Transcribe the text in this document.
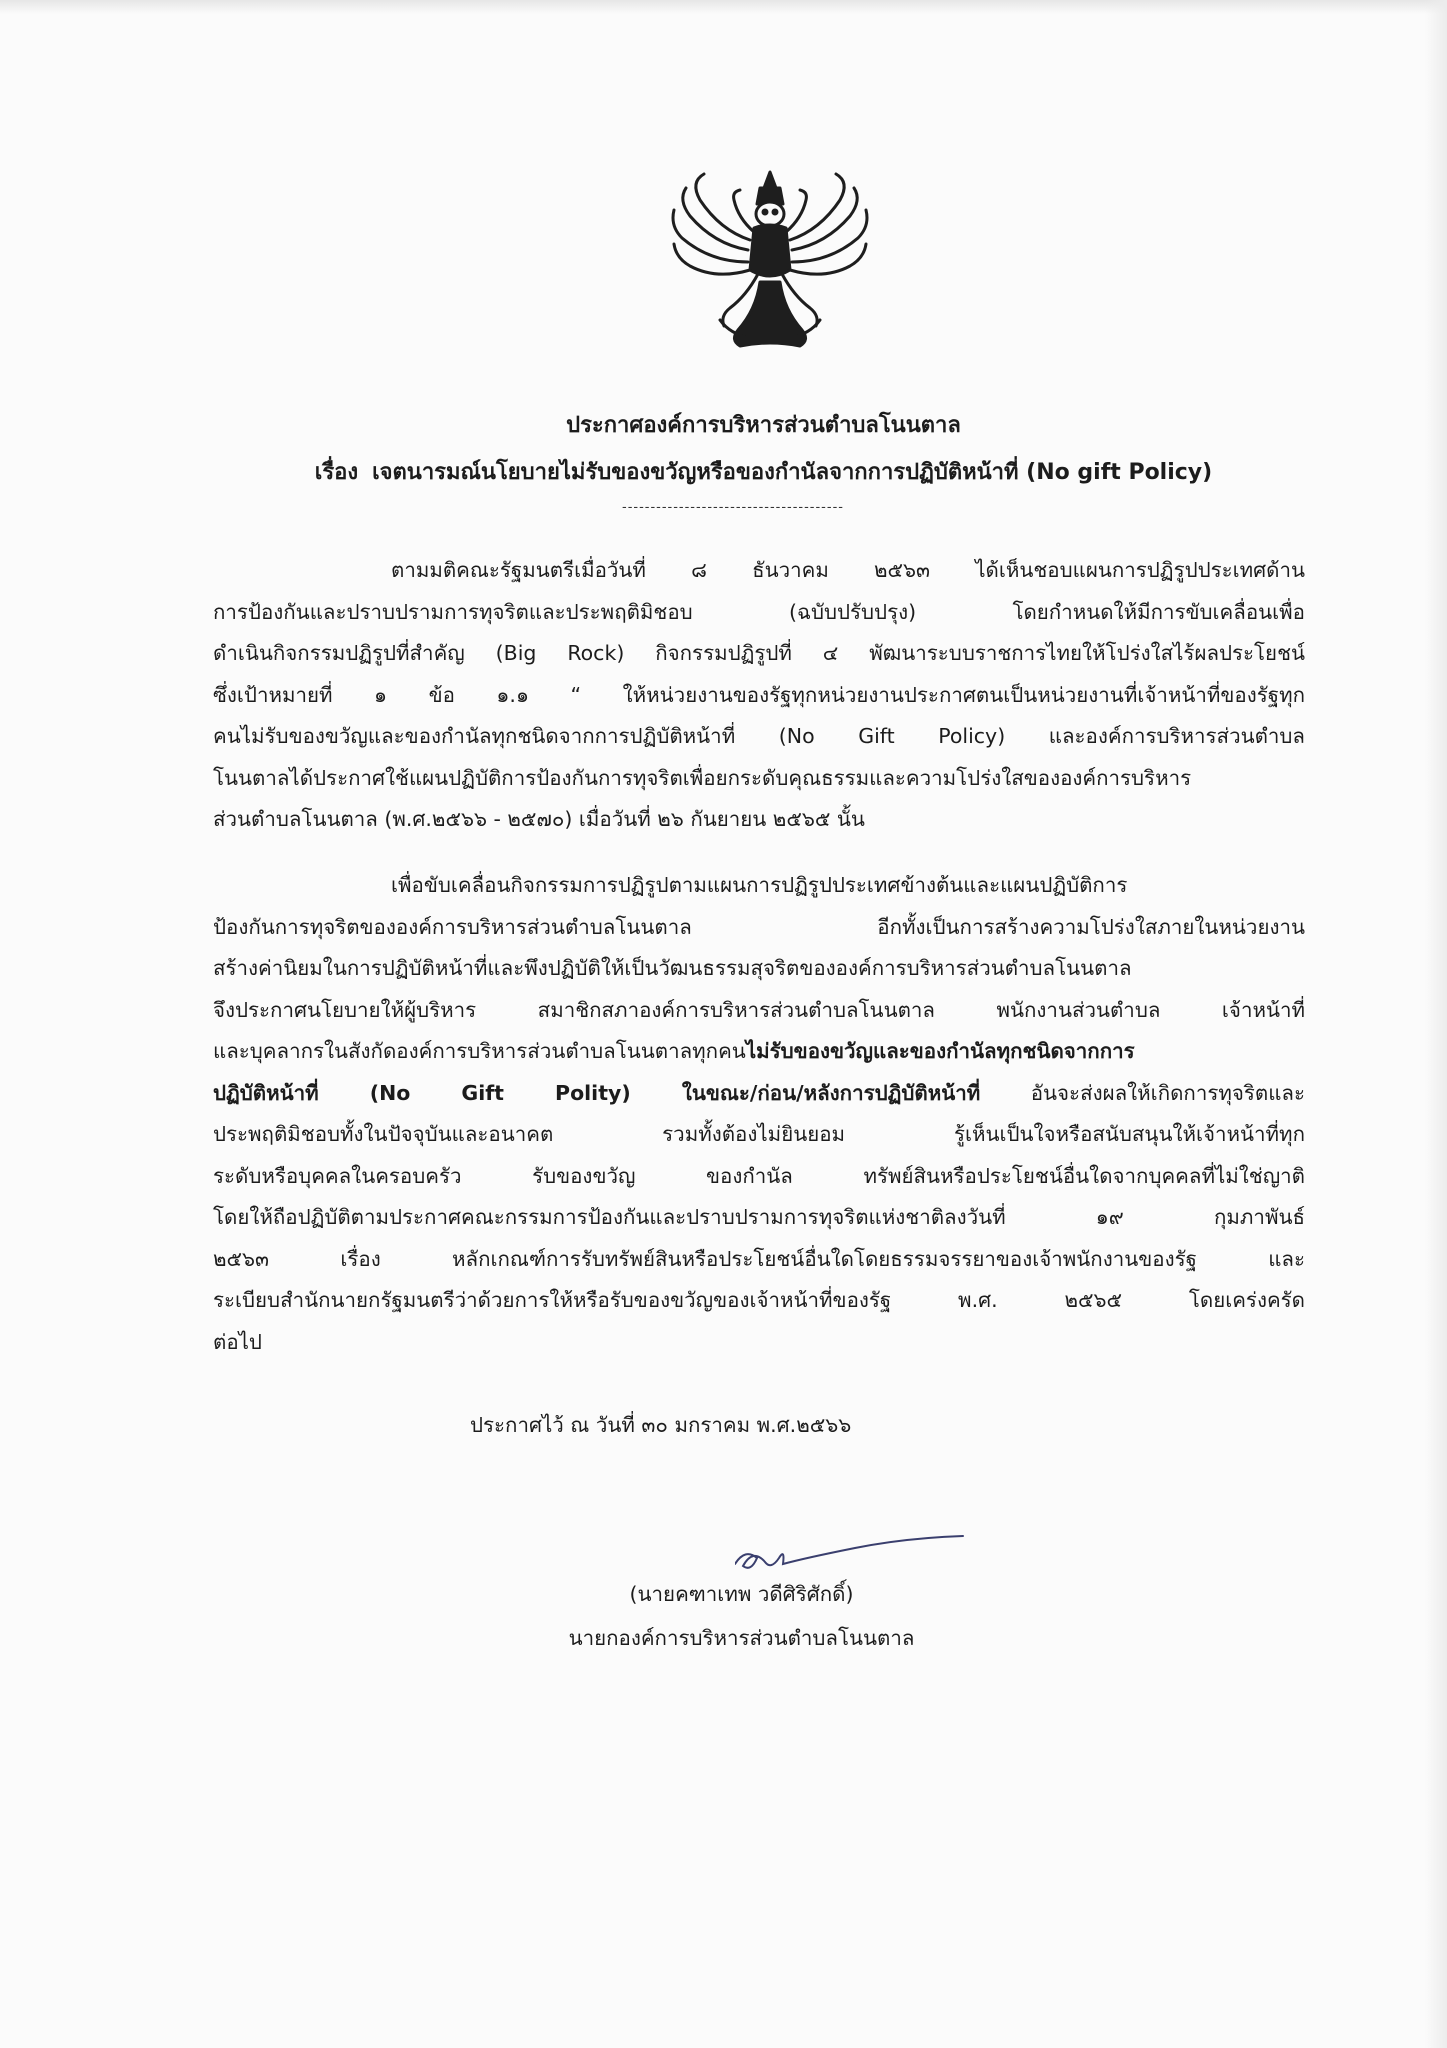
ประกาศองค์การบริหารส่วนตำบลโนนตาล
เรื่อง เจตนารมณ์นโยบายไม่รับของขวัญหรือของกำนัลจากการปฏิบัติหน้าที่ (No gift Policy)
---------------------------------------
ตามมติคณะรัฐมนตรีเมื่อวันที่ ๘ ธันวาคม ๒๕๖๓ ได้เห็นชอบแผนการปฏิรูปประเทศด้าน
การป้องกันและปราบปรามการทุจริตและประพฤติมิชอบ (ฉบับปรับปรุง) โดยกำหนดให้มีการขับเคลื่อนเพื่อ
ดำเนินกิจกรรมปฏิรูปที่สำคัญ (Big Rock) กิจกรรมปฏิรูปที่ ๔ พัฒนาระบบราชการไทยให้โปร่งใสไร้ผลประโยชน์
ซึ่งเป้าหมายที่ ๑ ข้อ ๑.๑ “ ให้หน่วยงานของรัฐทุกหน่วยงานประกาศตนเป็นหน่วยงานที่เจ้าหน้าที่ของรัฐทุก
คนไม่รับของขวัญและของกำนัลทุกชนิดจากการปฏิบัติหน้าที่ (No Gift Policy) และองค์การบริหารส่วนตำบล
โนนตาลได้ประกาศใช้แผนปฏิบัติการป้องกันการทุจริตเพื่อยกระดับคุณธรรมและความโปร่งใสขององค์การบริหาร
ส่วนตำบลโนนตาล (พ.ศ.๒๕๖๖ - ๒๕๗๐) เมื่อวันที่ ๒๖ กันยายน ๒๕๖๕ นั้น
เพื่อขับเคลื่อนกิจกรรมการปฏิรูปตามแผนการปฏิรูปประเทศข้างต้นและแผนปฏิบัติการ
ป้องกันการทุจริตขององค์การบริหารส่วนตำบลโนนตาล อีกทั้งเป็นการสร้างความโปร่งใสภายในหน่วยงาน
สร้างค่านิยมในการปฏิบัติหน้าที่และพึงปฏิบัติให้เป็นวัฒนธรรมสุจริตขององค์การบริหารส่วนตำบลโนนตาล
จึงประกาศนโยบายให้ผู้บริหาร สมาชิกสภาองค์การบริหารส่วนตำบลโนนตาล พนักงานส่วนตำบล เจ้าหน้าที่
และบุคลากรในสังกัดองค์การบริหารส่วนตำบลโนนตาลทุกคนไม่รับของขวัญและของกำนัลทุกชนิดจากการ
ปฏิบัติหน้าที่ (No Gift Polity) ในขณะ/ก่อน/หลังการปฏิบัติหน้าที่ อันจะส่งผลให้เกิดการทุจริตและ
ประพฤติมิชอบทั้งในปัจจุบันและอนาคต รวมทั้งต้องไม่ยินยอม รู้เห็นเป็นใจหรือสนับสนุนให้เจ้าหน้าที่ทุก
ระดับหรือบุคคลในครอบครัว รับของขวัญ ของกำนัล ทรัพย์สินหรือประโยชน์อื่นใดจากบุคคลที่ไม่ใช่ญาติ
โดยให้ถือปฏิบัติตามประกาศคณะกรรมการป้องกันและปราบปรามการทุจริตแห่งชาติลงวันที่ ๑๙ กุมภาพันธ์
๒๕๖๓ เรื่อง หลักเกณฑ์การรับทรัพย์สินหรือประโยชน์อื่นใดโดยธรรมจรรยาของเจ้าพนักงานของรัฐ และ
ระเบียบสำนักนายกรัฐมนตรีว่าด้วยการให้หรือรับของขวัญของเจ้าหน้าที่ของรัฐ พ.ศ. ๒๕๖๕ โดยเคร่งครัด
ต่อไป
ประกาศไว้ ณ วันที่ ๓๐ มกราคม พ.ศ.๒๕๖๖
(นายคฑาเทพ วดีศิริศักดิ์)
นายกองค์การบริหารส่วนตำบลโนนตาล
